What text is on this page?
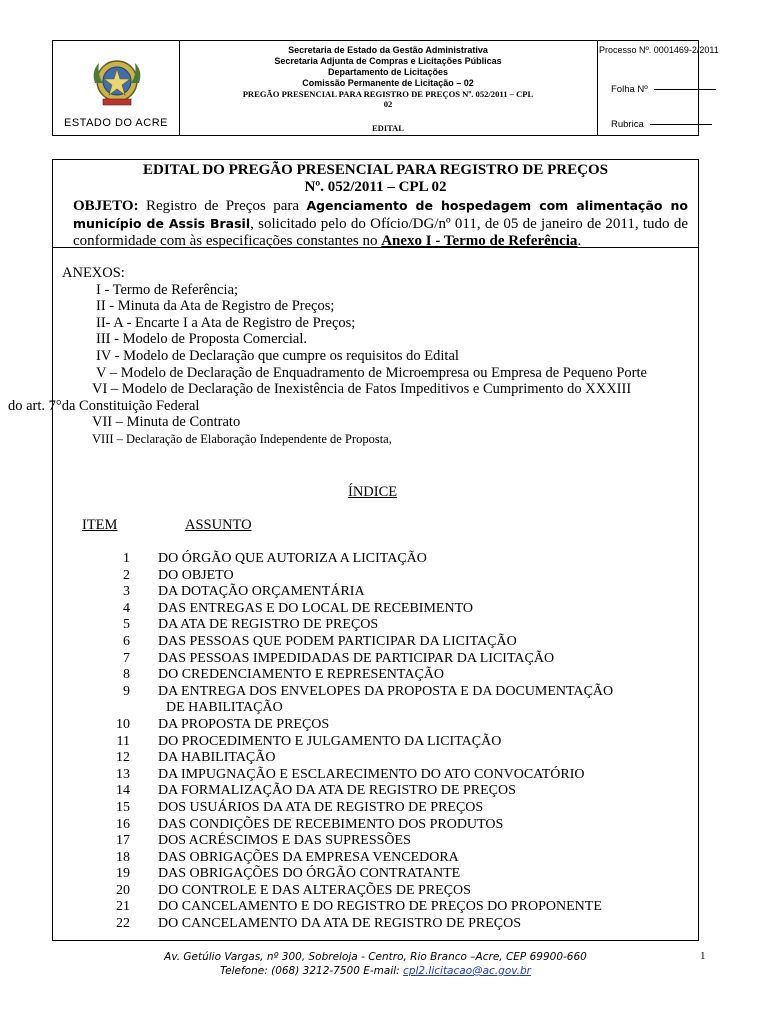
ESTADO DO ACRE
Secretaria de Estado da Gestão Administrativa
Secretaria Adjunta de Compras e Licitações Públicas
Departamento de Licitações
Comissão Permanente de Licitação – 02
PREGÃO PRESENCIAL PARA REGISTRO DE PREÇOS Nº. 052/2011 – CPL
02
EDITAL
Processo Nº. 0001469-2/2011
Folha Nº
Rubrica
EDITAL DO PREGÃO PRESENCIAL PARA REGISTRO DE PREÇOS
Nº. 052/2011 – CPL 02
OBJETO: Registro de Preços para Agenciamento de hospedagem com alimentação no município de Assis Brasil, solicitado pelo do Ofício/DG/nº 011, de 05 de janeiro de 2011, tudo de conformidade com às especificações constantes no Anexo I - Termo de Referência.
ANEXOS:
I - Termo de Referência;
II - Minuta da Ata de Registro de Preços;
II- A - Encarte I a Ata de Registro de Preços;
III - Modelo de Proposta Comercial.
IV - Modelo de Declaração que cumpre os requisitos do Edital
V – Modelo de Declaração de Enquadramento de Microempresa ou Empresa de Pequeno Porte
VI – Modelo de Declaração de Inexistência de Fatos Impeditivos e Cumprimento do XXXIII
do art. 7°da Constituição Federal
VII – Minuta de Contrato
VIII – Declaração de Elaboração Independente de Proposta,
ÍNDICE
ITEM	ASSUNTO
1	DO ÓRGÃO QUE AUTORIZA A LICITAÇÃO
2	DO OBJETO
3	DA DOTAÇÃO ORÇAMENTÁRIA
4	DAS ENTREGAS E DO LOCAL DE RECEBIMENTO
5	DA ATA DE REGISTRO DE PREÇOS
6	DAS PESSOAS QUE PODEM PARTICIPAR DA LICITAÇÃO
7	DAS PESSOAS IMPEDIDADAS DE PARTICIPAR DA LICITAÇÃO
8	DO CREDENCIAMENTO E REPRESENTAÇÃO
9	DA ENTREGA DOS ENVELOPES DA PROPOSTA E DA DOCUMENTAÇÃO
DE HABILITAÇÃO
10	DA PROPOSTA DE PREÇOS
11	DO PROCEDIMENTO E JULGAMENTO DA LICITAÇÃO
12	DA HABILITAÇÃO
13	DA IMPUGNAÇÃO E ESCLARECIMENTO DO ATO CONVOCATÓRIO
14	DA FORMALIZAÇÃO DA ATA DE REGISTRO DE PREÇOS
15	DOS USUÁRIOS DA ATA DE REGISTRO DE PREÇOS
16	DAS CONDIÇÕES DE RECEBIMENTO DOS PRODUTOS
17	DOS ACRÉSCIMOS E DAS SUPRESSÕES
18	DAS OBRIGAÇÕES DA EMPRESA VENCEDORA
19	DAS OBRIGAÇÕES DO ÓRGÃO CONTRATANTE
20	DO CONTROLE E DAS ALTERAÇÕES DE PREÇOS
21	DO CANCELAMENTO E DO REGISTRO DE PREÇOS DO PROPONENTE
22	DO CANCELAMENTO DA ATA DE REGISTRO DE PREÇOS
Av. Getúlio Vargas, nº 300, Sobreloja - Centro, Rio Branco –Acre, CEP 69900-660
Telefone: (068) 3212-7500 E-mail: cpl2.licitacao@ac.gov.br
1
